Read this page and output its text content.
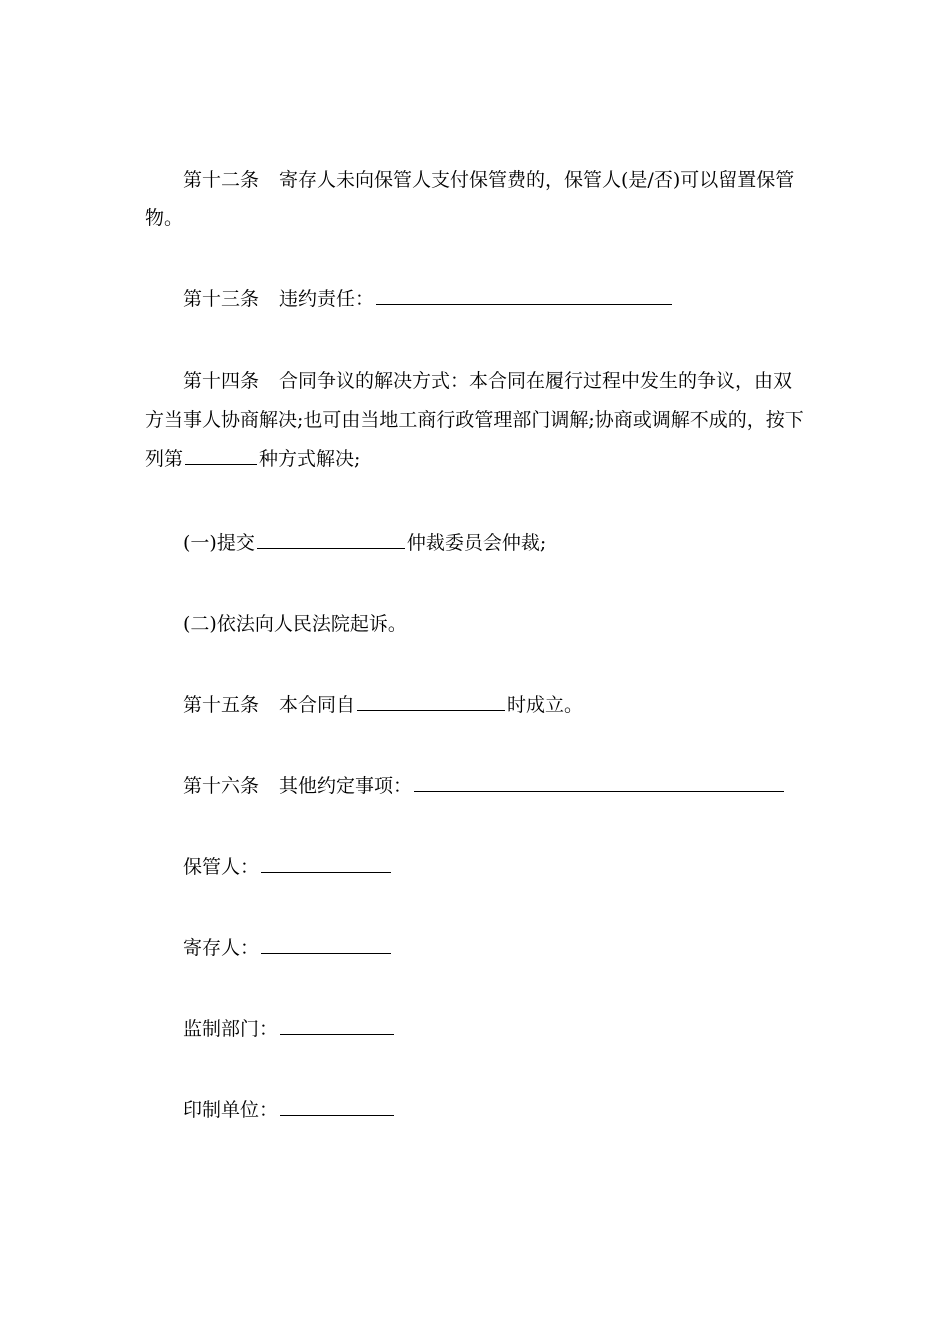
第十二条 寄存人未向保管人支付保管费的，保管人(是/否)可以留置保管
物。
第十三条 违约责任：
第十四条 合同争议的解决方式：本合同在履行过程中发生的争议，由双
方当事人协商解决;也可由当地工商行政管理部门调解;协商或调解不成的，按下
列第	种方式解决;
(一)提交	仲裁委员会仲裁;
(二)依法向人民法院起诉。
第十五条 本合同自	时成立。
第十六条 其他约定事项：
保管人：
寄存人：
监制部门：
印制单位：
